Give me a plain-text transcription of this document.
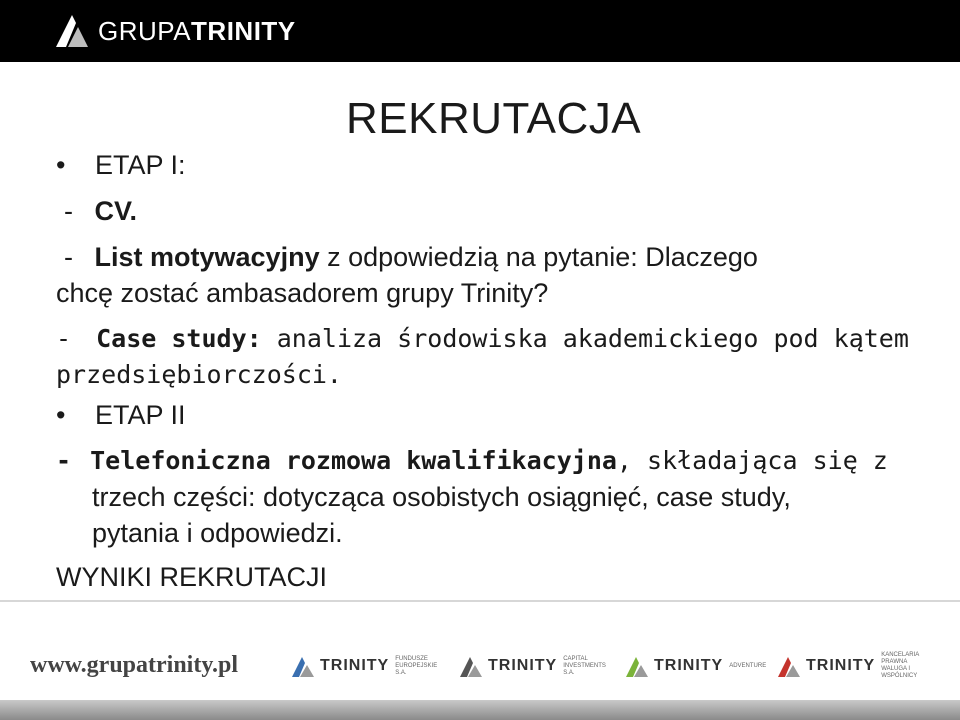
GRUPATRINITY
REKRUTACJA
• ETAP I:
- CV.
- List motywacyjny z odpowiedzią na pytanie: Dlaczego
chcę zostać ambasadorem grupy Trinity?
- Case study: analiza środowiska akademickiego pod kątem
przedsiębiorczości.
• ETAP II
- Telefoniczna rozmowa kwalifikacyjna, składająca się z
trzech części: dotycząca osobistych osiągnięć, case study,
pytania i odpowiedzi.
WYNIKI REKRUTACJI
www.grupatrinity.pl	TRINITY FUNDUSZE EUROPEJSKIE S.A.	TRINITY CAPITAL INVESTMENTS S.A.	TRINITY ADVENTURE	TRINITY
KANCELARIA PRAWNA WALUGA I WSPÓLNICY
